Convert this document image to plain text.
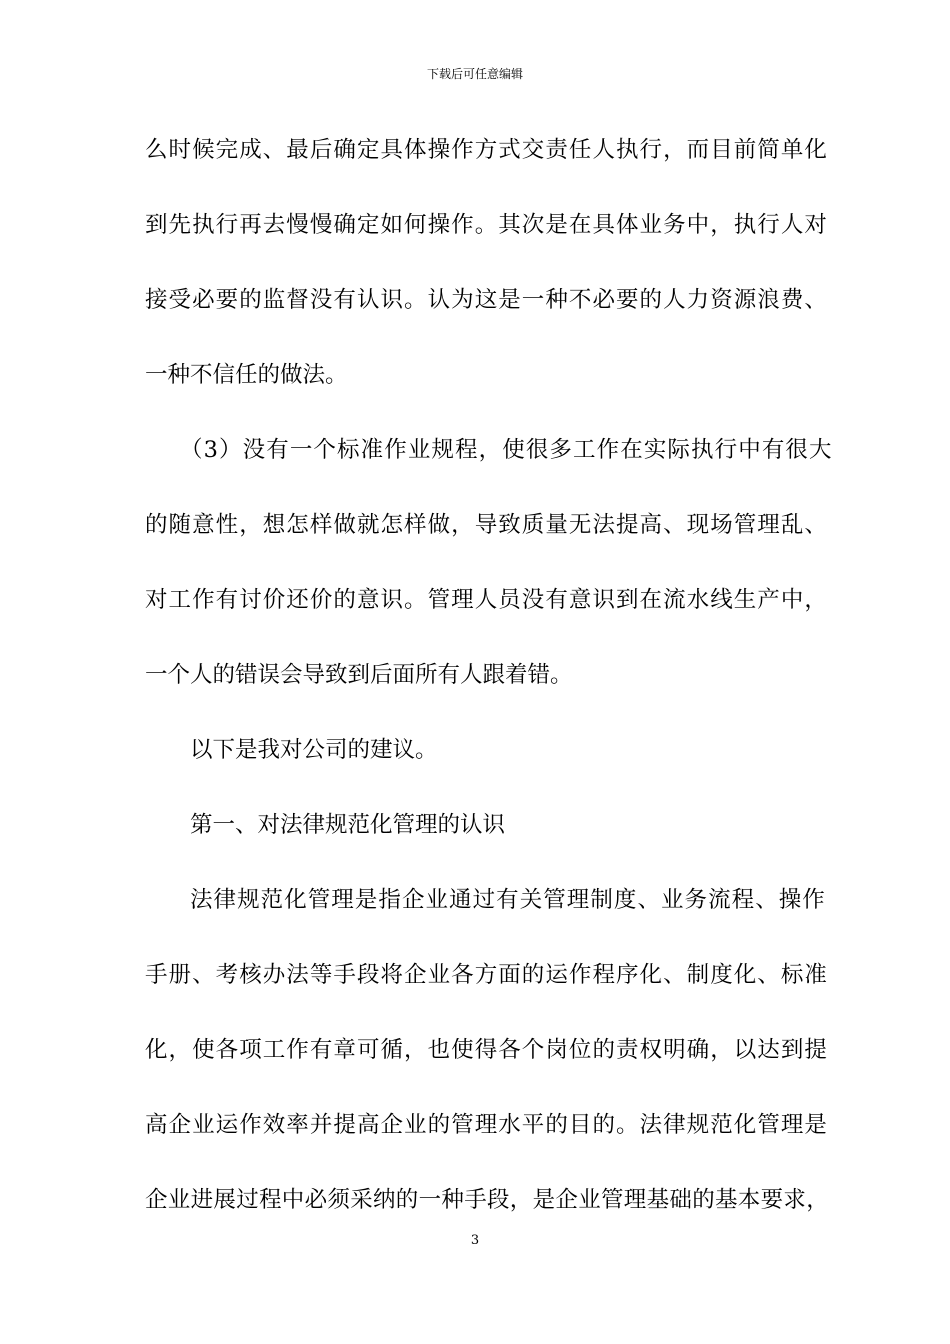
下载后可任意编辑
么时候完成、最后确定具体操作方式交责任人执行，而目前简单化
到先执行再去慢慢确定如何操作。其次是在具体业务中，执行人对
接受必要的监督没有认识。认为这是一种不必要的人力资源浪费、
一种不信任的做法。
（3）没有一个标准作业规程，使很多工作在实际执行中有很大
的随意性，想怎样做就怎样做，导致质量无法提高、现场管理乱、
对工作有讨价还价的意识。管理人员没有意识到在流水线生产中，
一个人的错误会导致到后面所有人跟着错。
以下是我对公司的建议。
第一、对法律规范化管理的认识
法律规范化管理是指企业通过有关管理制度、业务流程、操作
手册、考核办法等手段将企业各方面的运作程序化、制度化、标准
化，使各项工作有章可循，也使得各个岗位的责权明确，以达到提
高企业运作效率并提高企业的管理水平的目的。法律规范化管理是
企业进展过程中必须采纳的一种手段，是企业管理基础的基本要求，
3
